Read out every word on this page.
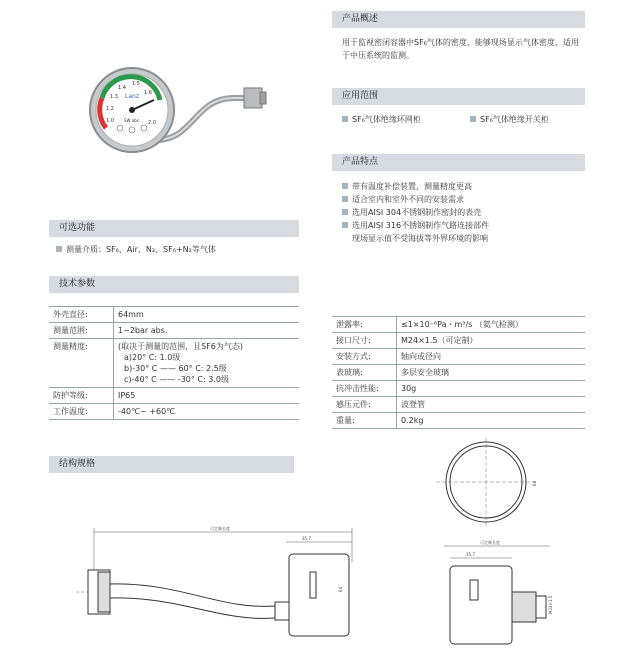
产品概述
用于监视密闭容器中SF₆气体的密度，能够现场显示气体密度，适用于中压系统的监测。
应用范围
SF₆气体绝缘环网柜	SF₆气体绝缘开关柜
产品特点
带有温度补偿装置，测量精度更高
适合室内和室外不同的安装需求
选用AISI 304不锈钢制作密封的表壳
选用AISI 316不锈钢制作气路连接部件
现场显示值不受海拔等外界环境的影响
Lanz
SW abs.
1.0
1.2
1.3
1.4
1.5
1.6
2.0
可选功能
测量介质：SF₆、Air、N₂、SF₆+N₂等气体
技术参数
外壳直径:	64mm
测量范围:	1~2bar abs.
测量精度:	(取决于测量的范围，且SF6为气态)
a)20° C: 1.0级
b)-30° C —— 60° C: 2.5级
c)-40° C —— -30° C: 3.0级

防护等级:	IP65
工作温度:	-40℃~ +60℃
泄露率:	≤1×10⁻⁶Pa・m³/s （氦气检测）
接口尺寸:	M24×1.5（可定制）
安装方式:	轴向或径向
表玻璃:	多层安全玻璃
抗冲击性能:	30g
感压元件:	波登管
重量:	0.2kg
结构规格
可定制长度
35.7
64
64
可定制长度
35.7
M24×1.5
